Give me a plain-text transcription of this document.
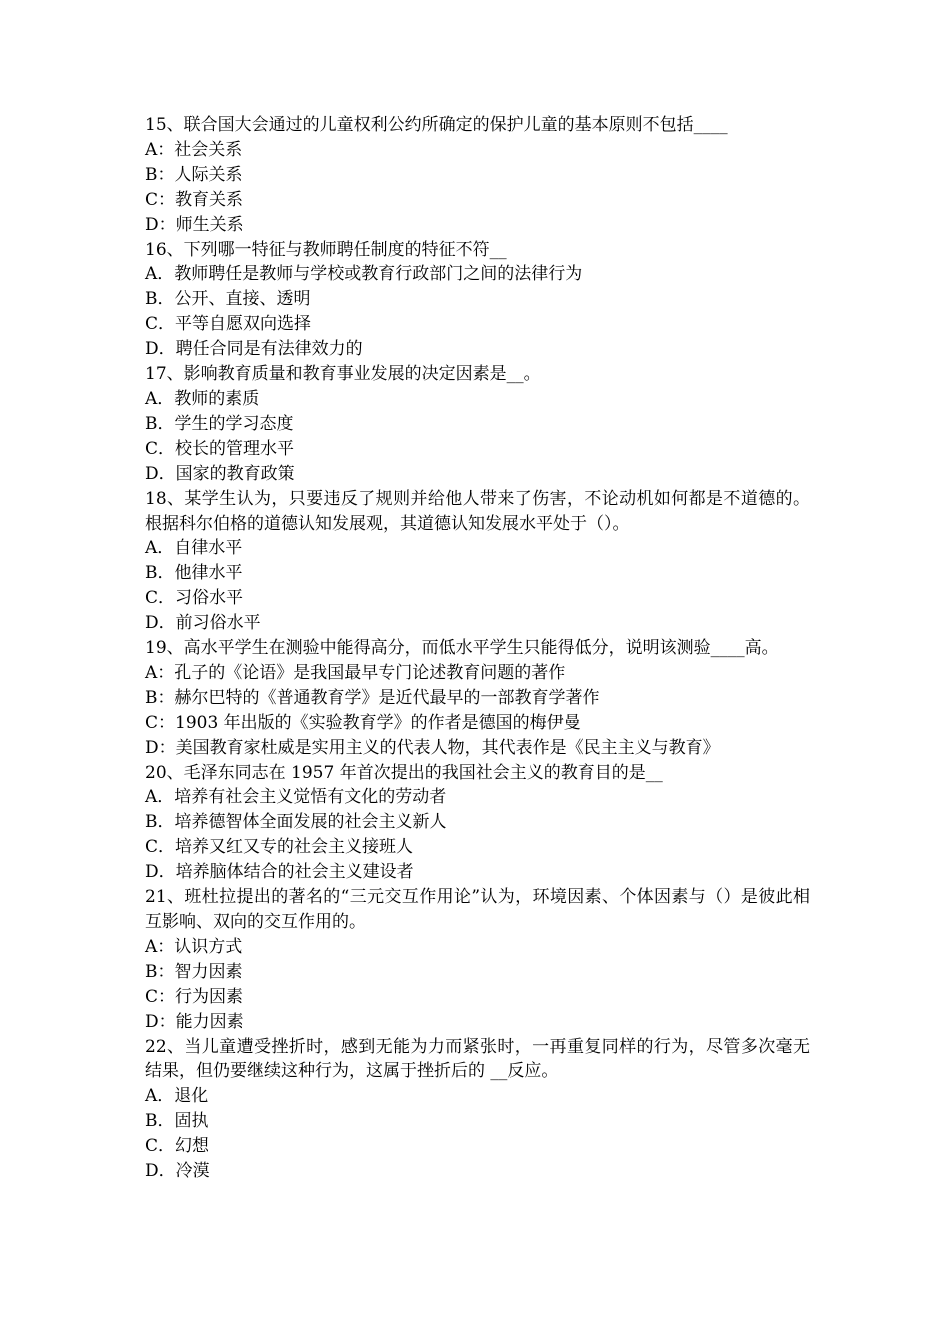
15、联合国大会通过的儿童权利公约所确定的保护儿童的基本原则不包括____

A：社会关系

B：人际关系

C：教育关系

D：师生关系

16、下列哪一特征与教师聘任制度的特征不符__

A．教师聘任是教师与学校或教育行政部门之间的法律行为

B．公开、直接、透明

C．平等自愿双向选择

D．聘任合同是有法律效力的

17、影响教育质量和教育事业发展的决定因素是__。

A．教师的素质

B．学生的学习态度

C．校长的管理水平

D．国家的教育政策

18、某学生认为，只要违反了规则并给他人带来了伤害，不论动机如何都是不道德的。根据科尔伯格的道德认知发展观，其道德认知发展水平处于（）。

A．自律水平

B．他律水平

C．习俗水平

D．前习俗水平

19、高水平学生在测验中能得高分，而低水平学生只能得低分，说明该测验____高。

A：孔子的《论语》是我国最早专门论述教育问题的著作

B：赫尔巴特的《普通教育学》是近代最早的一部教育学著作

C：1903 年出版的《实验教育学》的作者是德国的梅伊曼

D：美国教育家杜威是实用主义的代表人物，其代表作是《民主主义与教育》

20、毛泽东同志在 1957 年首次提出的我国社会主义的教育目的是__

A．培养有社会主义觉悟有文化的劳动者

B．培养德智体全面发展的社会主义新人

C．培养又红又专的社会主义接班人

D．培养脑体结合的社会主义建设者

21、班杜拉提出的著名的“三元交互作用论”认为，环境因素、个体因素与（）是彼此相互影响、双向的交互作用的。

A：认识方式

B：智力因素

C：行为因素

D：能力因素

22、当儿童遭受挫折时，感到无能为力而紧张时，一再重复同样的行为，尽管多次毫无结果，但仍要继续这种行为，这属于挫折后的 __反应。

A．退化

B．固执

C．幻想

D．冷漠
